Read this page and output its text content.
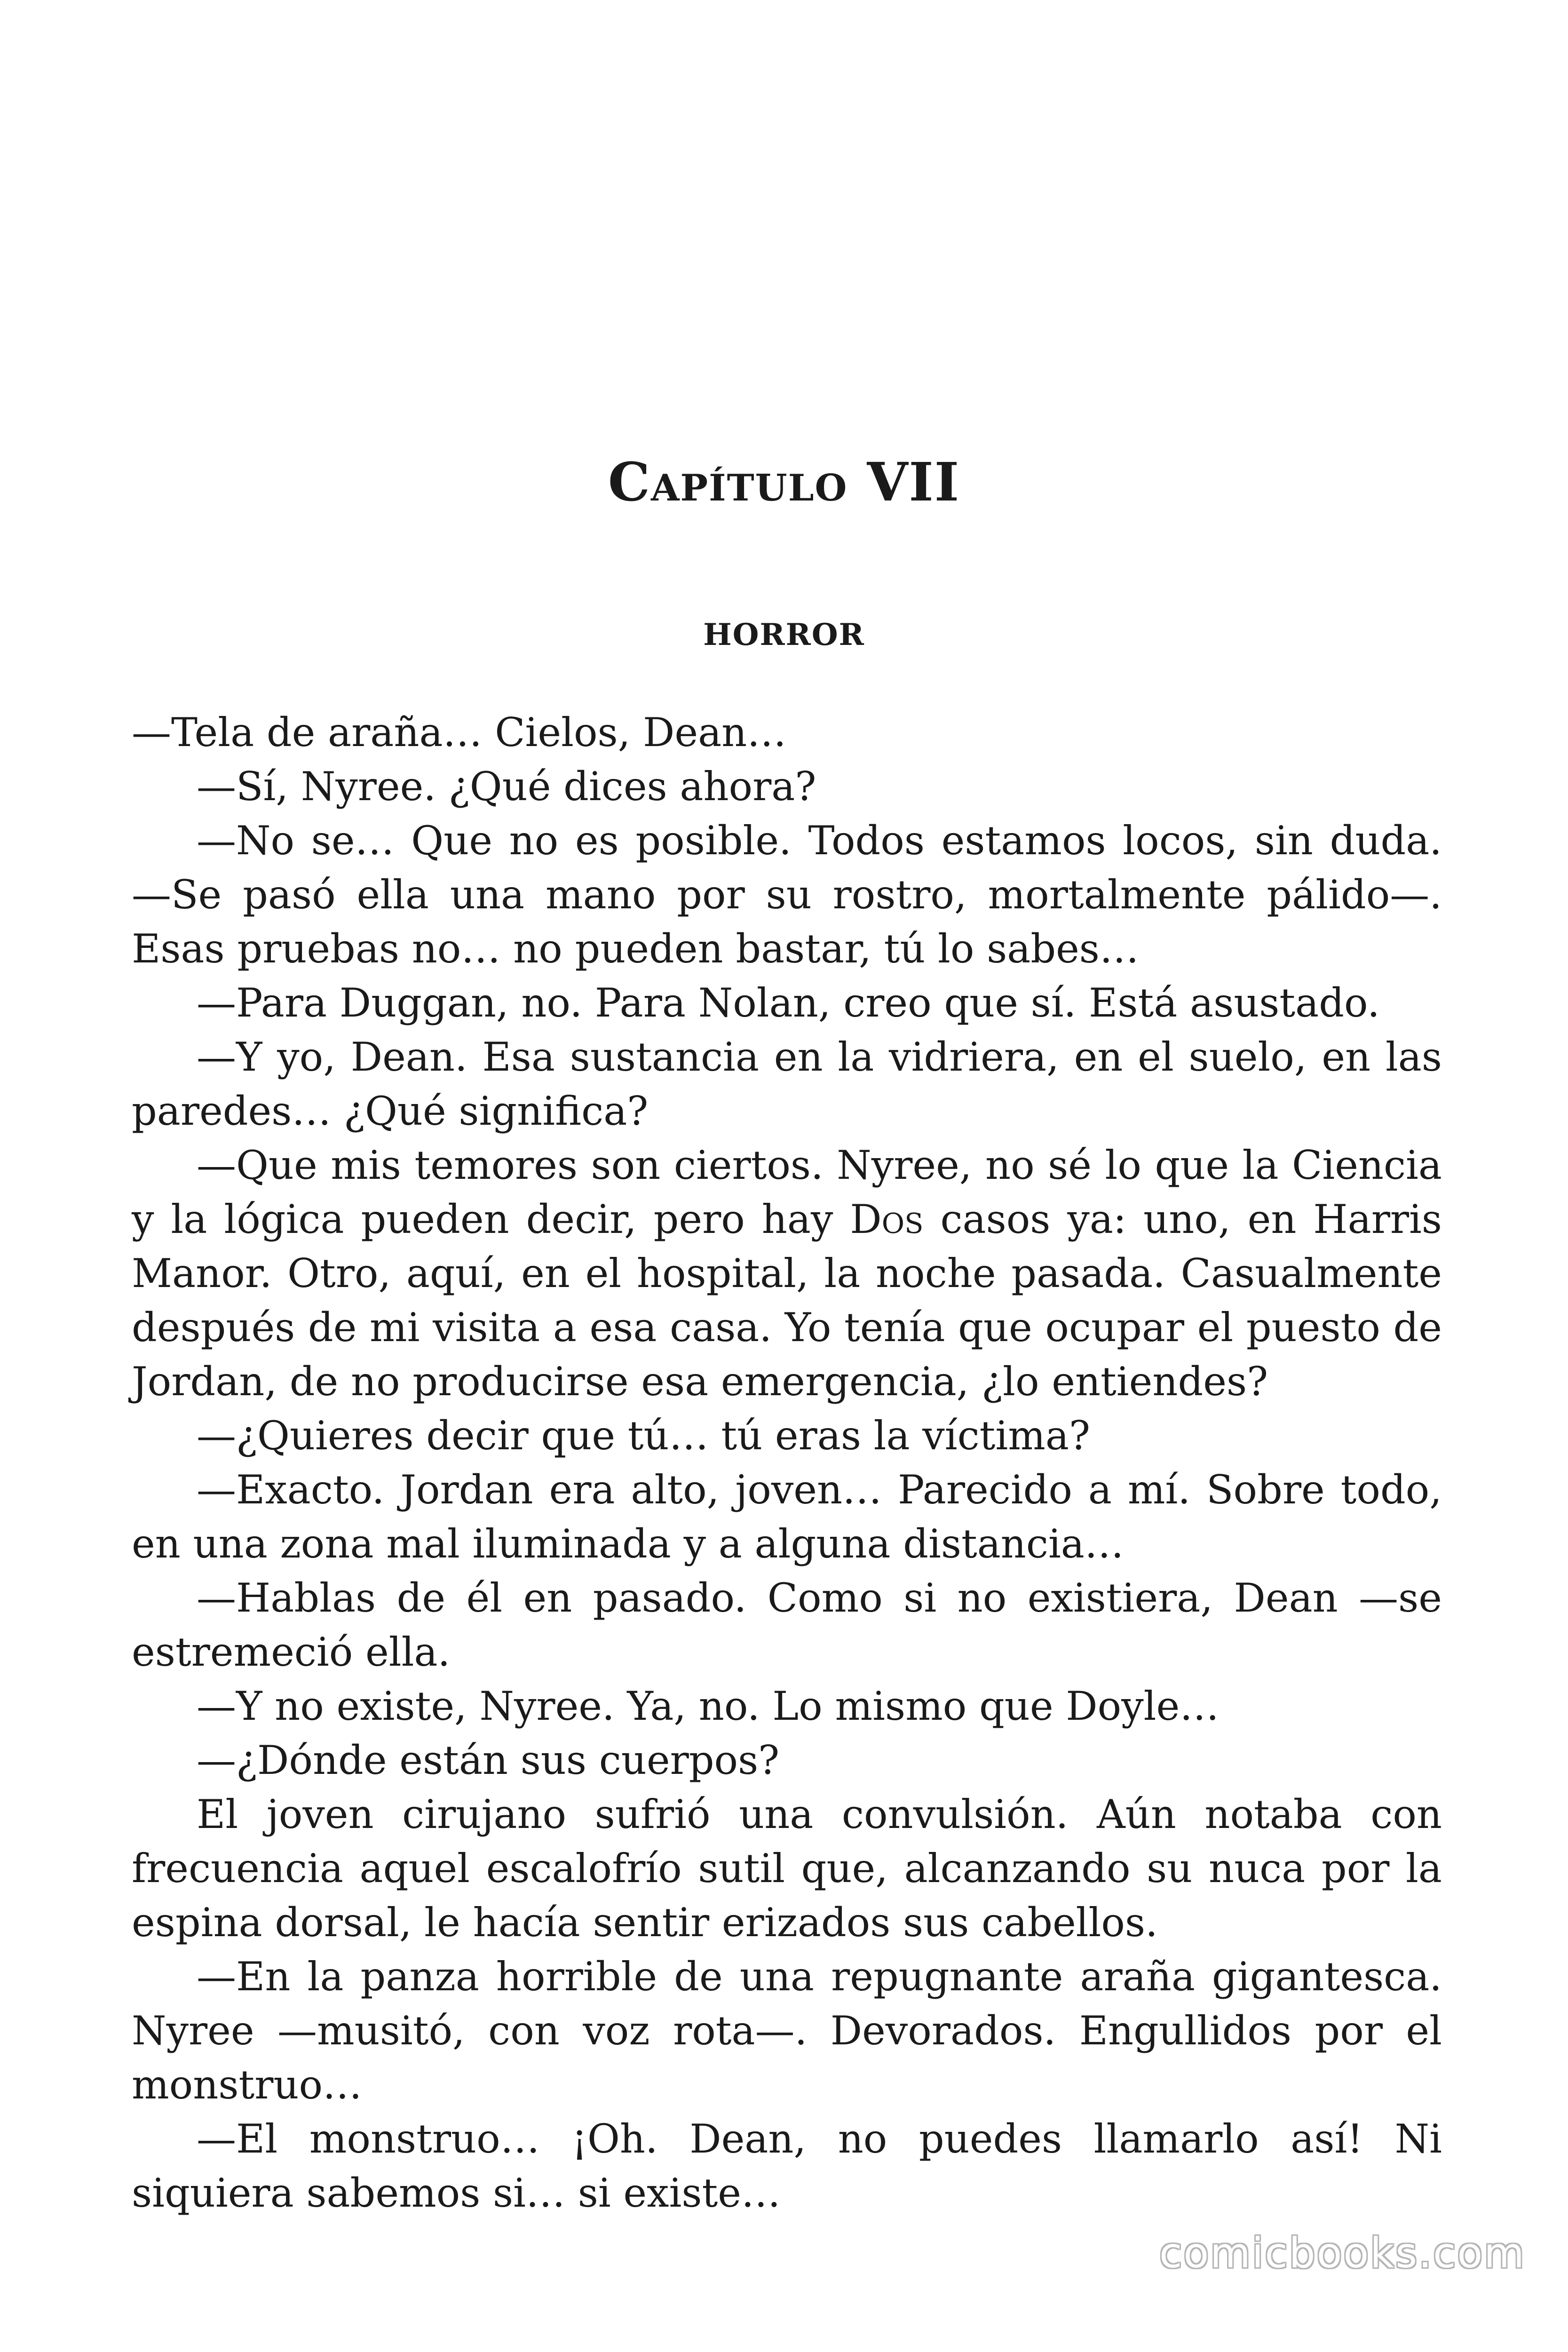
Capítulo VII
HORROR

—Tela de araña… Cielos, Dean…

—Sí, Nyree. ¿Qué dices ahora?

—No se… Que no es posible. Todos estamos locos, sin duda. —Se pasó ella una mano por su rostro, mortalmente pálido—. Esas pruebas no… no pueden bastar, tú lo sabes…

—Para Duggan, no. Para Nolan, creo que sí. Está asustado.

—Y yo, Dean. Esa sustancia en la vidriera, en el suelo, en las paredes… ¿Qué significa?

—Que mis temores son ciertos. Nyree, no sé lo que la Ciencia y la lógica pueden decir, pero hay Dos casos ya: uno, en Harris Manor. Otro, aquí, en el hospital, la noche pasada. Casualmente después de mi visita a esa casa. Yo tenía que ocupar el puesto de Jordan, de no producirse esa emergencia, ¿lo entiendes?

—¿Quieres decir que tú… tú eras la víctima?

—Exacto. Jordan era alto, joven… Parecido a mí. Sobre todo, en una zona mal iluminada y a alguna distancia…

—Hablas de él en pasado. Como si no existiera, Dean —se estremeció ella.

—Y no existe, Nyree. Ya, no. Lo mismo que Doyle…

—¿Dónde están sus cuerpos?

El joven cirujano sufrió una convulsión. Aún notaba con frecuencia aquel escalofrío sutil que, alcanzando su nuca por la espina dorsal, le hacía sentir erizados sus cabellos.

—En la panza horrible de una repugnante araña gigantesca. Nyree —musitó, con voz rota—. Devorados. Engullidos por el monstruo…

—El monstruo… ¡Oh. Dean, no puedes llamarlo así! Ni siquiera sabemos si… si existe…

comicbooks.com
